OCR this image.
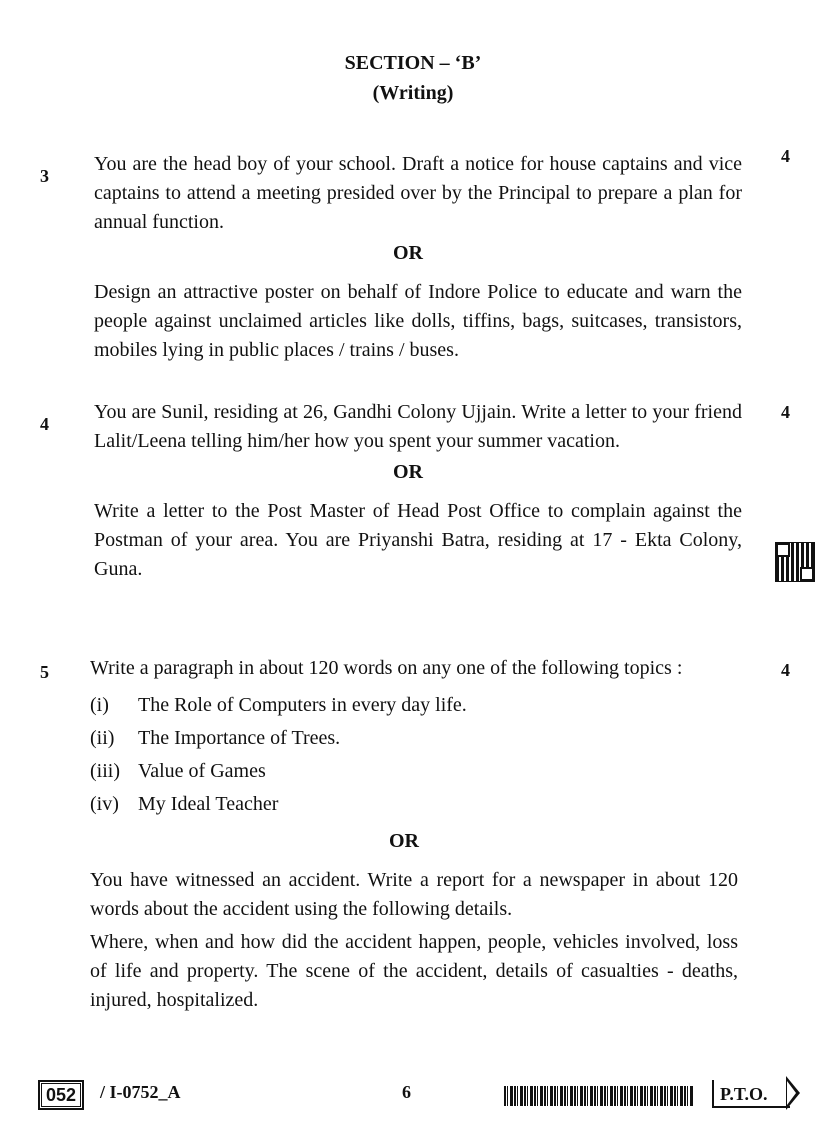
SECTION – ‘B’
(Writing)
3
4

You are the head boy of your school. Draft a notice for house captains and vice captains to attend a meeting presided over by the Principal to prepare a plan for annual function.

OR

Design an attractive poster on behalf of Indore Police to educate and warn the people against unclaimed articles like dolls, tiffins, bags, suitcases, transistors, mobiles lying in public places / trains / buses.

4
4

You are Sunil, residing at 26, Gandhi Colony Ujjain. Write a letter to your friend Lalit/Leena telling him/her how you spent your summer vacation.

OR

Write a letter to the Post Master of Head Post Office to complain against the Postman of your area. You are Priyanshi Batra, residing at 17 - Ekta Colony, Guna.

5	4

Write a paragraph in about 120 words on any one of the following topics :

(i)	The Role of Computers in every day life.
(ii)	The Importance of Trees.
(iii) Value of Games
(iv) My Ideal Teacher
OR

You have witnessed an accident. Write a report for a newspaper in about 120 words about the accident using the following details.

Where, when and how did the accident happen, people, vehicles involved, loss of life and property. The scene of the accident, details of casualties - deaths, injured, hospitalized.

052 / I-0752_A	6	P.T.O.
